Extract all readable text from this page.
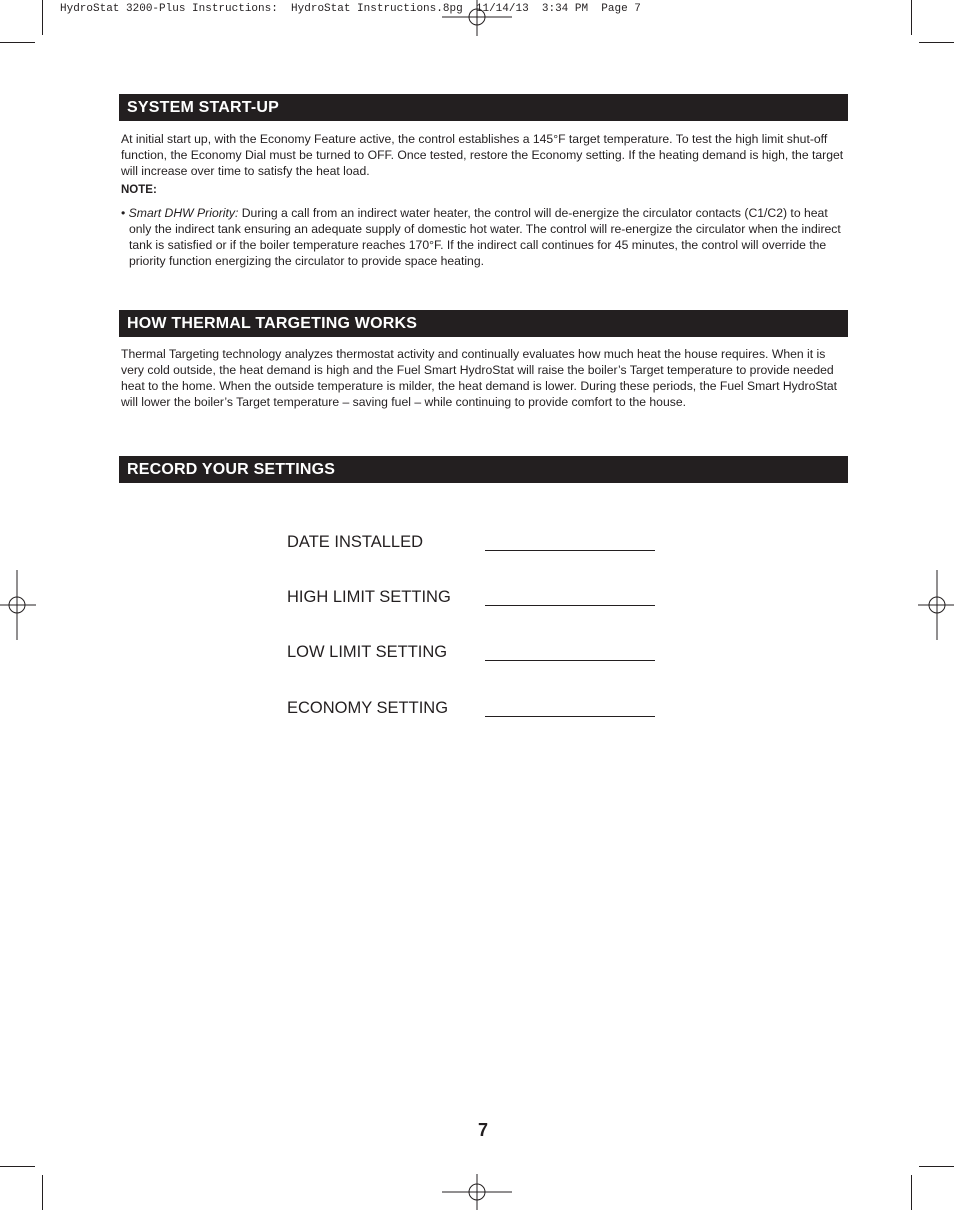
HydroStat 3200-Plus Instructions:  HydroStat Instructions.8pg  11/14/13  3:34 PM  Page 7
SYSTEM START-UP

At initial start up, with the Economy Feature active, the control establishes a 145°F target temperature. To test the high limit shut-off function, the Economy Dial must be turned to OFF. Once tested, restore the Economy setting. If the heating demand is high, the target will increase over time to satisfy the heat load.

NOTE:

• Smart DHW Priority: During a call from an indirect water heater, the control will de-energize the circulator contacts (C1/C2) to heat only the indirect tank ensuring an adequate supply of domestic hot water. The control will re-energize the circulator when the indirect tank is satisfied or if the boiler temperature reaches 170°F. If the indirect call continues for 45 minutes, the control will override the priority function energizing the circulator to provide space heating.

HOW THERMAL TARGETING WORKS

Thermal Targeting technology analyzes thermostat activity and continually evaluates how much heat the house requires. When it is very cold outside, the heat demand is high and the Fuel Smart HydroStat will raise the boiler’s Target temperature to provide needed heat to the home. When the outside temperature is milder, the heat demand is lower. During these periods, the Fuel Smart HydroStat will lower the boiler’s Target temperature – saving fuel – while continuing to provide comfort to the house.

RECORD YOUR SETTINGS
DATE INSTALLED
HIGH LIMIT SETTING
LOW LIMIT SETTING
ECONOMY SETTING
7
